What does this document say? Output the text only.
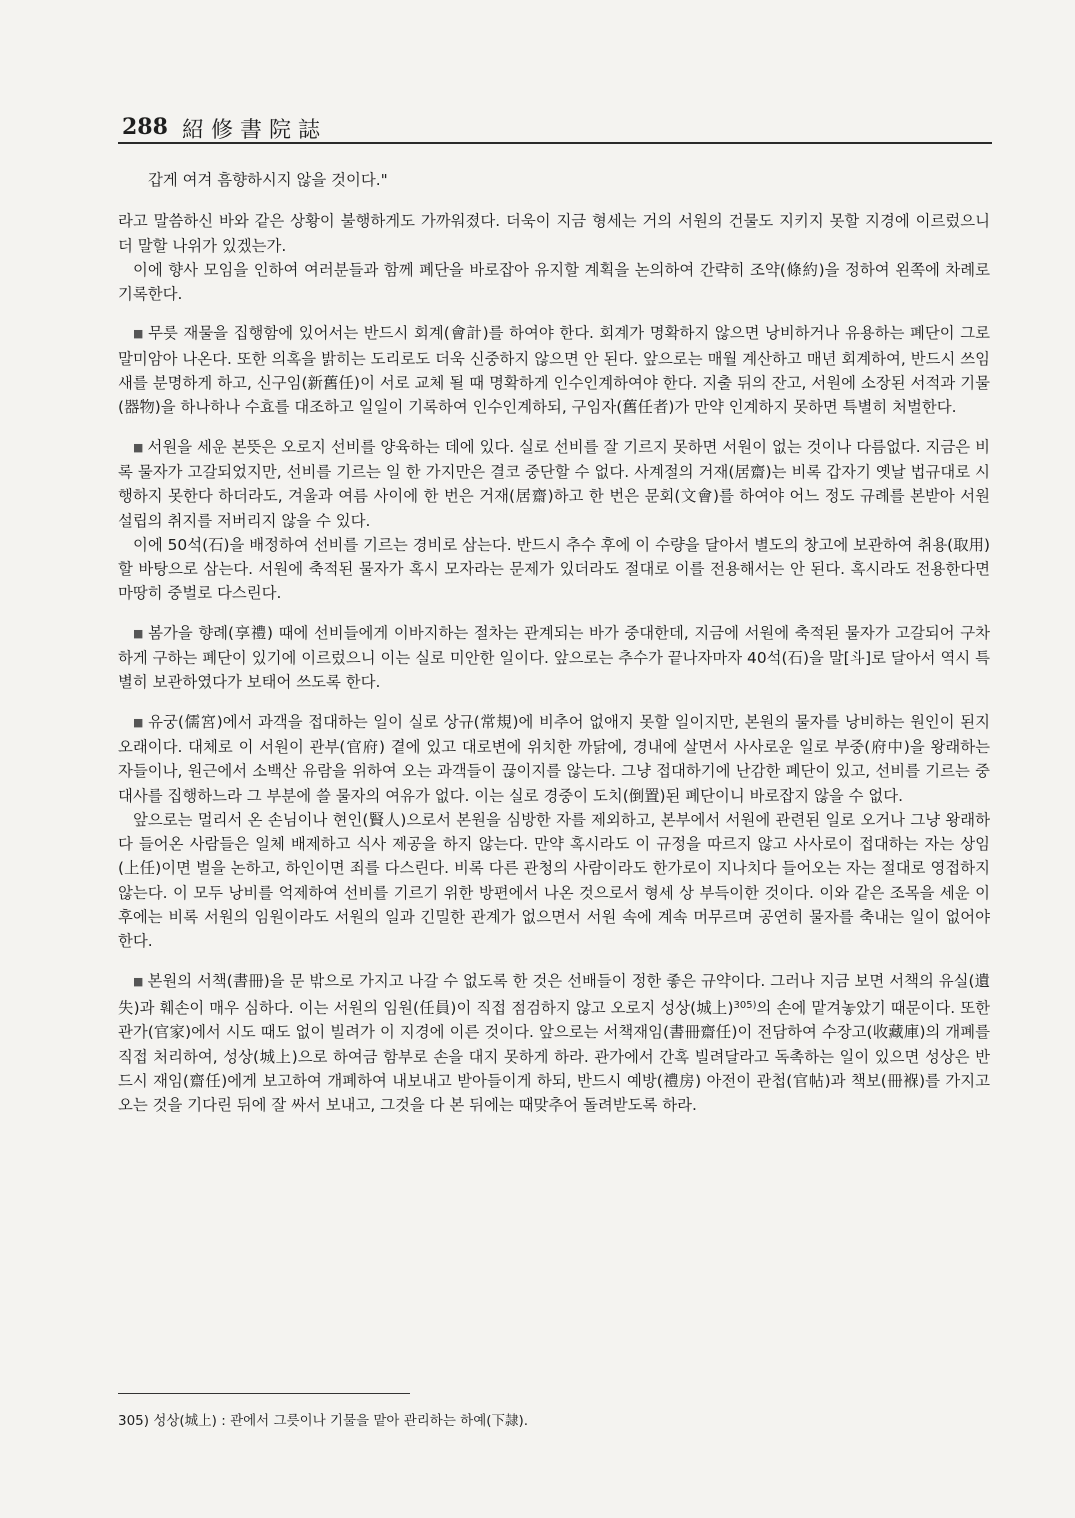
288 紹修書院誌

갑게 여겨 흠향하시지 않을 것이다."

라고 말씀하신 바와 같은 상황이 불행하게도 가까워졌다. 더욱이 지금 형세는 거의 서원의 건물도 지키지 못할 지경에 이르렀으니 더 말할 나위가 있겠는가.

이에 향사 모임을 인하여 여러분들과 함께 폐단을 바로잡아 유지할 계획을 논의하여 간략히 조약(條約)을 정하여 왼쪽에 차례로 기록한다.

■ 무릇 재물을 집행함에 있어서는 반드시 회계(會計)를 하여야 한다. 회계가 명확하지 않으면 낭비하거나 유용하는 폐단이 그로 말미암아 나온다. 또한 의혹을 밝히는 도리로도 더욱 신중하지 않으면 안 된다. 앞으로는 매월 계산하고 매년 회계하여, 반드시 쓰임새를 분명하게 하고, 신구임(新舊任)이 서로 교체 될 때 명확하게 인수인계하여야 한다. 지출 뒤의 잔고, 서원에 소장된 서적과 기물(器物)을 하나하나 수효를 대조하고 일일이 기록하여 인수인계하되, 구임자(舊任者)가 만약 인계하지 못하면 특별히 처벌한다.

■ 서원을 세운 본뜻은 오로지 선비를 양육하는 데에 있다. 실로 선비를 잘 기르지 못하면 서원이 없는 것이나 다름없다. 지금은 비록 물자가 고갈되었지만, 선비를 기르는 일 한 가지만은 결코 중단할 수 없다. 사계절의 거재(居齋)는 비록 갑자기 옛날 법규대로 시행하지 못한다 하더라도, 겨울과 여름 사이에 한 번은 거재(居齋)하고 한 번은 문회(文會)를 하여야 어느 정도 규례를 본받아 서원 설립의 취지를 저버리지 않을 수 있다.

이에 50석(石)을 배정하여 선비를 기르는 경비로 삼는다. 반드시 추수 후에 이 수량을 달아서 별도의 창고에 보관하여 취용(取用)할 바탕으로 삼는다. 서원에 축적된 물자가 혹시 모자라는 문제가 있더라도 절대로 이를 전용해서는 안 된다. 혹시라도 전용한다면 마땅히 중벌로 다스린다.

■ 봄가을 향례(享禮) 때에 선비들에게 이바지하는 절차는 관계되는 바가 중대한데, 지금에 서원에 축적된 물자가 고갈되어 구차하게 구하는 폐단이 있기에 이르렀으니 이는 실로 미안한 일이다. 앞으로는 추수가 끝나자마자 40석(石)을 말[斗]로 달아서 역시 특별히 보관하였다가 보태어 쓰도록 한다.

■ 유궁(儒宮)에서 과객을 접대하는 일이 실로 상규(常規)에 비추어 없애지 못할 일이지만, 본원의 물자를 낭비하는 원인이 된지 오래이다. 대체로 이 서원이 관부(官府) 곁에 있고 대로변에 위치한 까닭에, 경내에 살면서 사사로운 일로 부중(府中)을 왕래하는 자들이나, 원근에서 소백산 유람을 위하여 오는 과객들이 끊이지를 않는다. 그냥 접대하기에 난감한 폐단이 있고, 선비를 기르는 중대사를 집행하느라 그 부분에 쓸 물자의 여유가 없다. 이는 실로 경중이 도치(倒置)된 폐단이니 바로잡지 않을 수 없다.

앞으로는 멀리서 온 손님이나 현인(賢人)으로서 본원을 심방한 자를 제외하고, 본부에서 서원에 관련된 일로 오거나 그냥 왕래하다 들어온 사람들은 일체 배제하고 식사 제공을 하지 않는다. 만약 혹시라도 이 규정을 따르지 않고 사사로이 접대하는 자는 상임(上任)이면 벌을 논하고, 하인이면 죄를 다스린다. 비록 다른 관청의 사람이라도 한가로이 지나치다 들어오는 자는 절대로 영접하지 않는다. 이 모두 낭비를 억제하여 선비를 기르기 위한 방편에서 나온 것으로서 형세 상 부득이한 것이다. 이와 같은 조목을 세운 이후에는 비록 서원의 임원이라도 서원의 일과 긴밀한 관계가 없으면서 서원 속에 계속 머무르며 공연히 물자를 축내는 일이 없어야 한다.

■ 본원의 서책(書冊)을 문 밖으로 가지고 나갈 수 없도록 한 것은 선배들이 정한 좋은 규약이다. 그러나 지금 보면 서책의 유실(遺失)과 훼손이 매우 심하다. 이는 서원의 임원(任員)이 직접 점검하지 않고 오로지 성상(城上)$^{305)}$의 손에 맡겨놓았기 때문이다. 또한 관가(官家)에서 시도 때도 없이 빌려가 이 지경에 이른 것이다. 앞으로는 서책재임(書冊齋任)이 전담하여 수장고(收藏庫)의 개폐를 직접 처리하여, 성상(城上)으로 하여금 함부로 손을 대지 못하게 하라. 관가에서 간혹 빌려달라고 독촉하는 일이 있으면 성상은 반드시 재임(齋任)에게 보고하여 개폐하여 내보내고 받아들이게 하되, 반드시 예방(禮房) 아전이 관첩(官帖)과 책보(冊褓)를 가지고 오는 것을 기다린 뒤에 잘 싸서 보내고, 그것을 다 본 뒤에는 때맞추어 돌려받도록 하라.

305) 성상(城上) : 관에서 그릇이나 기물을 맡아 관리하는 하예(下隷).
